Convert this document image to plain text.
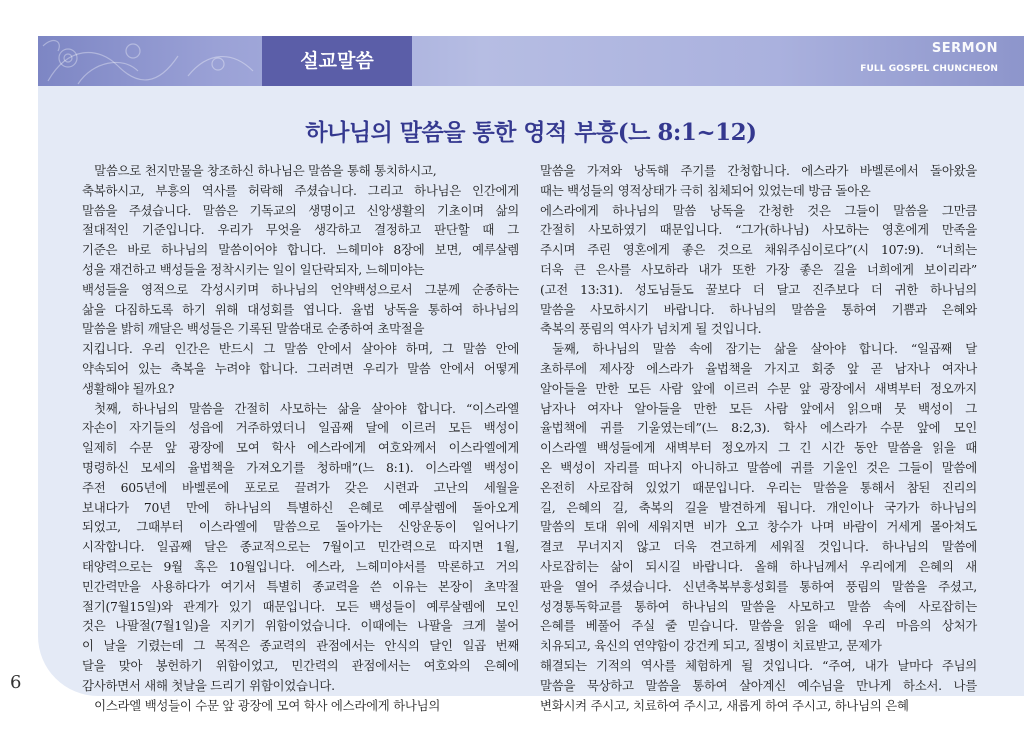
설교말씀
SERMON
FULL GOSPEL CHUNCHEON
하나님의 말씀을 통한 영적 부흥(느 8:1~12)

　말씀으로 천지만물을 창조하신 하나님은 말씀을 통해 통치하시고,

축복하시고, 부흥의 역사를 허락해 주셨습니다. 그리고 하나님은 인간에게

말씀을 주셨습니다. 말씀은 기독교의 생명이고 신앙생활의 기초이며 삶의

절대적인 기준입니다. 우리가 무엇을 생각하고 결정하고 판단할 때 그

기준은 바로 하나님의 말씀이어야 합니다. 느헤미야 8장에 보면, 예루살렘

성을 재건하고 백성들을 정착시키는 일이 일단락되자, 느헤미야는

백성들을 영적으로 각성시키며 하나님의 언약백성으로서 그분께 순종하는

삶을 다짐하도록 하기 위해 대성회를 엽니다. 율법 낭독을 통하여 하나님의

말씀을 밝히 깨달은 백성들은 기록된 말씀대로 순종하여 초막절을

지킵니다. 우리 인간은 반드시 그 말씀 안에서 살아야 하며, 그 말씀 안에

약속되어 있는 축복을 누려야 합니다. 그러려면 우리가 말씀 안에서 어떻게

생활해야 될까요?

　첫째, 하나님의 말씀을 간절히 사모하는 삶을 살아야 합니다. “이스라엘

자손이 자기들의 성읍에 거주하였더니 일곱째 달에 이르러 모든 백성이

일제히 수문 앞 광장에 모여 학사 에스라에게 여호와께서 이스라엘에게

명령하신 모세의 율법책을 가져오기를 청하매”(느 8:1). 이스라엘 백성이

주전 605년에 바벨론에 포로로 끌려가 갖은 시련과 고난의 세월을

보내다가 70년 만에 하나님의 특별하신 은혜로 예루살렘에 돌아오게

되었고, 그때부터 이스라엘에 말씀으로 돌아가는 신앙운동이 일어나기

시작합니다. 일곱째 달은 종교적으로는 7월이고 민간력으로 따지면 1월,

태양력으로는 9월 혹은 10월입니다. 에스라, 느헤미야서를 막론하고 거의

민간력만을 사용하다가 여기서 특별히 종교력을 쓴 이유는 본장이 초막절

절기(7월15일)와 관계가 있기 때문입니다. 모든 백성들이 예루살렘에 모인

것은 나팔절(7월1일)을 지키기 위함이었습니다. 이때에는 나팔을 크게 불어

이 날을 기렸는데 그 목적은 종교력의 관점에서는 안식의 달인 일곱 번째

달을 맞아 봉헌하기 위함이었고, 민간력의 관점에서는 여호와의 은혜에

감사하면서 새해 첫날을 드리기 위함이었습니다.

　이스라엘 백성들이 수문 앞 광장에 모여 학사 에스라에게 하나님의

말씀을 가져와 낭독해 주기를 간청합니다. 에스라가 바벨론에서 돌아왔을

때는 백성들의 영적상태가 극히 침체되어 있었는데 방금 돌아온

에스라에게 하나님의 말씀 낭독을 간청한 것은 그들이 말씀을 그만큼

간절히 사모하였기 때문입니다. “그가(하나님) 사모하는 영혼에게 만족을

주시며 주린 영혼에게 좋은 것으로 채워주심이로다”(시 107:9). “너희는

더욱 큰 은사를 사모하라 내가 또한 가장 좋은 길을 너희에게 보이리라”

(고전 13:31). 성도님들도 꿀보다 더 달고 진주보다 더 귀한 하나님의

말씀을 사모하시기 바랍니다. 하나님의 말씀을 통하여 기쁨과 은혜와

축복의 풍림의 역사가 넘치게 될 것입니다.

　둘째, 하나님의 말씀 속에 잠기는 삶을 살아야 합니다. “일곱째 달

초하루에 제사장 에스라가 율법책을 가지고 회중 앞 곧 남자나 여자나

알아들을 만한 모든 사람 앞에 이르러 수문 앞 광장에서 새벽부터 정오까지

남자나 여자나 알아들을 만한 모든 사람 앞에서 읽으매 뭇 백성이 그

율법책에 귀를 기울였는데”(느 8:2,3). 학사 에스라가 수문 앞에 모인

이스라엘 백성들에게 새벽부터 정오까지 그 긴 시간 동안 말씀을 읽을 때

온 백성이 자리를 떠나지 아니하고 말씀에 귀를 기울인 것은 그들이 말씀에

온전히 사로잡혀 있었기 때문입니다. 우리는 말씀을 통해서 참된 진리의

길, 은혜의 길, 축복의 길을 발견하게 됩니다. 개인이나 국가가 하나님의

말씀의 토대 위에 세워지면 비가 오고 창수가 나며 바람이 거세게 몰아쳐도

결코 무너지지 않고 더욱 견고하게 세워질 것입니다. 하나님의 말씀에

사로잡히는 삶이 되시길 바랍니다. 올해 하나님께서 우리에게 은혜의 새

판을 열어 주셨습니다. 신년축복부흥성회를 통하여 풍림의 말씀을 주셨고,

성경통독학교를 통하여 하나님의 말씀을 사모하고 말씀 속에 사로잡히는

은혜를 베풀어 주실 줄 믿습니다. 말씀을 읽을 때에 우리 마음의 상처가

치유되고, 육신의 연약함이 강건케 되고, 질병이 치료받고, 문제가

해결되는 기적의 역사를 체험하게 될 것입니다. “주여, 내가 날마다 주님의

말씀을 묵상하고 말씀을 통하여 살아계신 예수님을 만나게 하소서. 나를

변화시켜 주시고, 치료하여 주시고, 새롭게 하여 주시고, 하나님의 은혜

6
